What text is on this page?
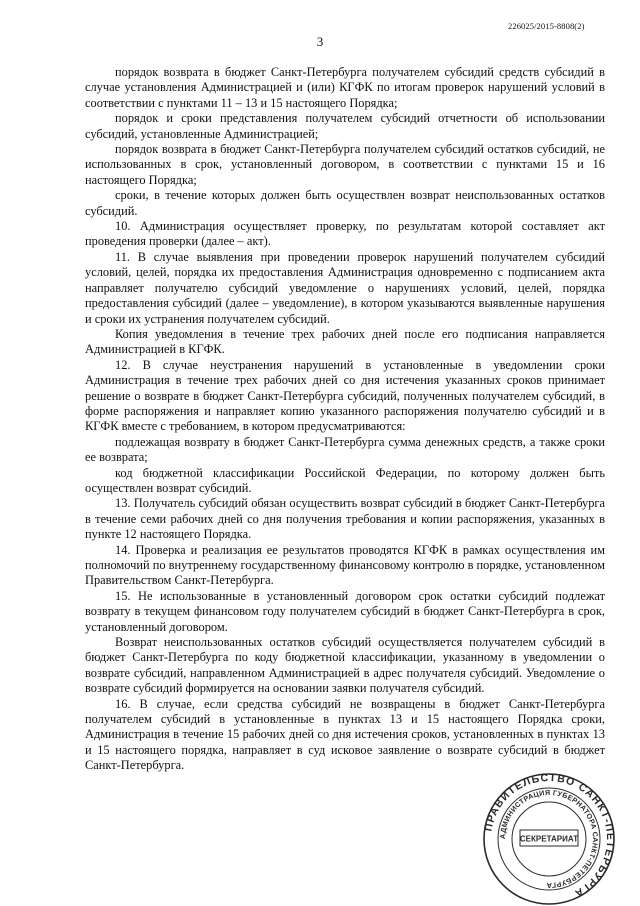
226025/2015-8808(2)
3

порядок возврата в бюджет Санкт-Петербурга получателем субсидий средств субсидий в случае установления Администрацией и (или) КГФК по итогам проверок нарушений условий в соответствии с пунктами 11 – 13 и 15 настоящего Порядка;

порядок и сроки представления получателем субсидий отчетности об использовании субсидий, установленные Администрацией;

порядок возврата в бюджет Санкт-Петербурга получателем субсидий остатков субсидий, не использованных в срок, установленный договором, в соответствии с пунктами 15 и 16 настоящего Порядка;

сроки, в течение которых должен быть осуществлен возврат неиспользованных остатков субсидий.

10. Администрация осуществляет проверку, по результатам которой составляет акт проведения проверки (далее – акт).

11. В случае выявления при проведении проверок нарушений получателем субсидий условий, целей, порядка их предоставления Администрация одновременно с подписанием акта направляет получателю субсидий уведомление о нарушениях условий, целей, порядка предоставления субсидий (далее – уведомление), в котором указываются выявленные нарушения и сроки их устранения получателем субсидий.

Копия уведомления в течение трех рабочих дней после его подписания направляется Администрацией в КГФК.

12. В случае неустранения нарушений в установленные в уведомлении сроки Администрация в течение трех рабочих дней со дня истечения указанных сроков принимает решение о возврате в бюджет Санкт-Петербурга субсидий, полученных получателем субсидий, в форме распоряжения и направляет копию указанного распоряжения получателю субсидий и в КГФК вместе с требованием, в котором предусматриваются:

подлежащая возврату в бюджет Санкт-Петербурга сумма денежных средств, а также сроки ее возврата;

код бюджетной классификации Российской Федерации, по которому должен быть осуществлен возврат субсидий.

13. Получатель субсидий обязан осуществить возврат субсидий в бюджет Санкт-Петербурга в течение семи рабочих дней со дня получения требования и копии распоряжения, указанных в пункте 12 настоящего Порядка.

14. Проверка и реализация ее результатов проводятся КГФК в рамках осуществления им полномочий по внутреннему государственному финансовому контролю в порядке, установленном Правительством Санкт-Петербурга.

15. Не использованные в установленный договором срок остатки субсидий подлежат возврату в текущем финансовом году получателем субсидий в бюджет Санкт-Петербурга в срок, установленный договором.

Возврат неиспользованных остатков субсидий осуществляется получателем субсидий в бюджет Санкт-Петербурга по коду бюджетной классификации, указанному в уведомлении о возврате субсидий, направленном Администрацией в адрес получателя субсидий. Уведомление о возврате субсидий формируется на основании заявки получателя субсидий.

16. В случае, если средства субсидий не возвращены в бюджет Санкт-Петербурга получателем субсидий в установленные в пунктах 13 и 15 настоящего Порядка сроки, Администрация в течение 15 рабочих дней со дня истечения сроков, установленных в пунктах 13 и 15 настоящего порядка, направляет в суд исковое заявление о возврате субсидий в бюджет Санкт-Петербурга.

ПРАВИТЕЛЬСТВО САНКТ-ПЕТЕРБУРГА
АДМИНИСТРАЦИЯ ГУБЕРНАТОРА САНКТ-ПЕТЕРБУРГА
СЕКРЕТАРИАТ
